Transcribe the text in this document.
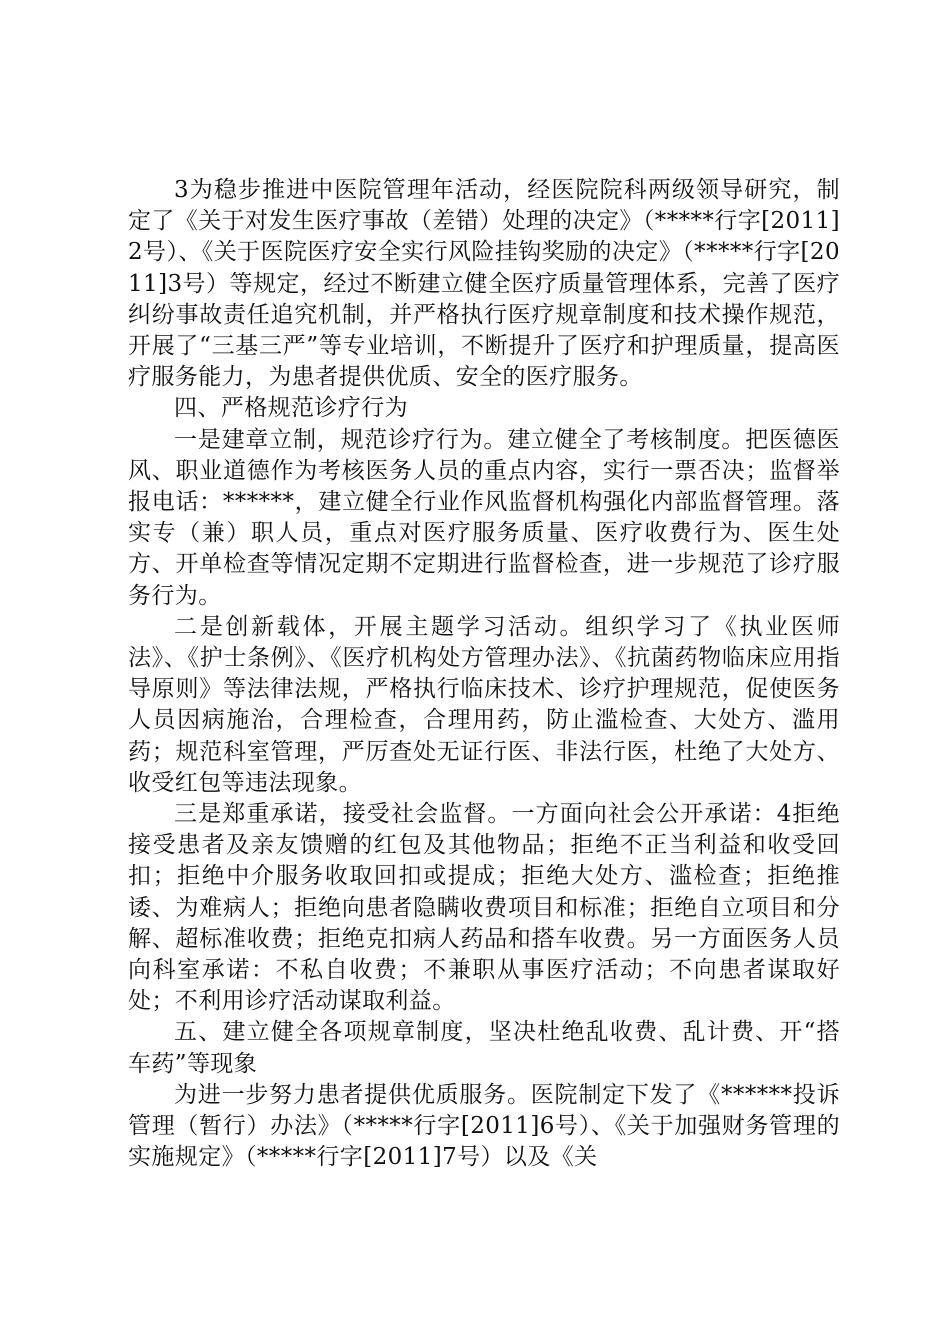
3为稳步推进中医院管理年活动，经医院院科两级领导研究，制定了《关于对发生医疗事故（差错）处理的决定》（*****行字[2011]2号）、《关于医院医疗安全实行风险挂钩奖励的决定》（*****行字[2011]3号）等规定，经过不断建立健全医疗质量管理体系，完善了医疗纠纷事故责任追究机制，并严格执行医疗规章制度和技术操作规范，开展了“三基三严”等专业培训，不断提升了医疗和护理质量，提高医疗服务能力，为患者提供优质、安全的医疗服务。

四、严格规范诊疗行为

一是建章立制，规范诊疗行为。建立健全了考核制度。把医德医风、职业道德作为考核医务人员的重点内容，实行一票否决；监督举报电话：******，建立健全行业作风监督机构强化内部监督管理。落实专（兼）职人员，重点对医疗服务质量、医疗收费行为、医生处方、开单检查等情况定期不定期进行监督检查，进一步规范了诊疗服务行为。

二是创新载体，开展主题学习活动。组织学习了《执业医师法》、《护士条例》、《医疗机构处方管理办法》、《抗菌药物临床应用指导原则》等法律法规，严格执行临床技术、诊疗护理规范，促使医务人员因病施治，合理检查，合理用药，防止滥检查、大处方、滥用药；规范科室管理，严厉查处无证行医、非法行医，杜绝了大处方、收受红包等违法现象。

三是郑重承诺，接受社会监督。一方面向社会公开承诺：4拒绝接受患者及亲友馈赠的红包及其他物品；拒绝不正当利益和收受回扣；拒绝中介服务收取回扣或提成；拒绝大处方、滥检查；拒绝推诿、为难病人；拒绝向患者隐瞒收费项目和标准；拒绝自立项目和分解、超标准收费；拒绝克扣病人药品和搭车收费。另一方面医务人员向科室承诺：不私自收费；不兼职从事医疗活动；不向患者谋取好处；不利用诊疗活动谋取利益。

五、建立健全各项规章制度，坚决杜绝乱收费、乱计费、开“搭车药”等现象

为进一步努力患者提供优质服务。医院制定下发了《******投诉管理（暂行）办法》（*****行字[2011]6号）、《关于加强财务管理的实施规定》（*****行字[2011]7号）以及《关
